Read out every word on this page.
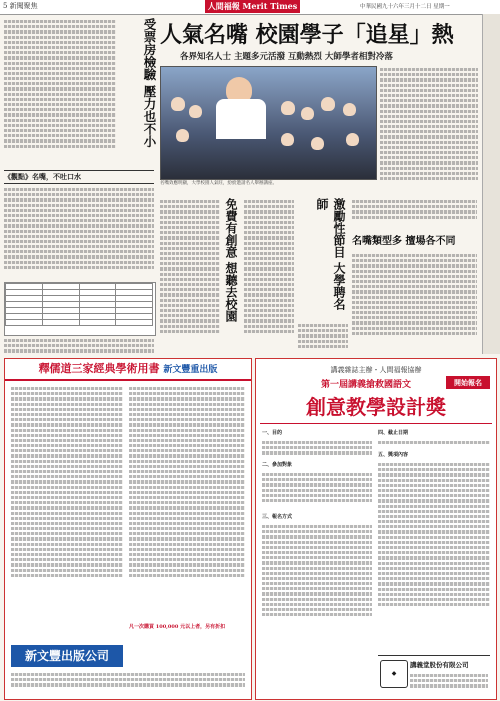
5 新聞聚焦	人間福報 Merit Times	中華民國九十六年三月十二日 星期一
受票房檢驗 壓力也不小
《觀點》名嘴，不吐口水

人氣名嘴 校園學子「追星」熱
各界知名人士 主題多元活潑 互動熱烈 大師學者相對冷落
名嘴效應明顯，大學校園人氣旺，紛紛邀請名人舉辦講座。
免費有創意 想聽去校園	激勵性節目 大學聘名師
名嘴類型多 擅場各不同
釋儒道三家經典學術用書 新文豐重出版
凡一次購買 100,000 元以上者，另有折扣
新文豐出版公司
講義雜誌主辦・人間福報協辦
第一屆講義搶救國語文	開始報名
創意教學設計獎
一、目的
二、參加對象
三、報名方式
四、截止日期
五、獎項內容
◆
講義堂股份有限公司
